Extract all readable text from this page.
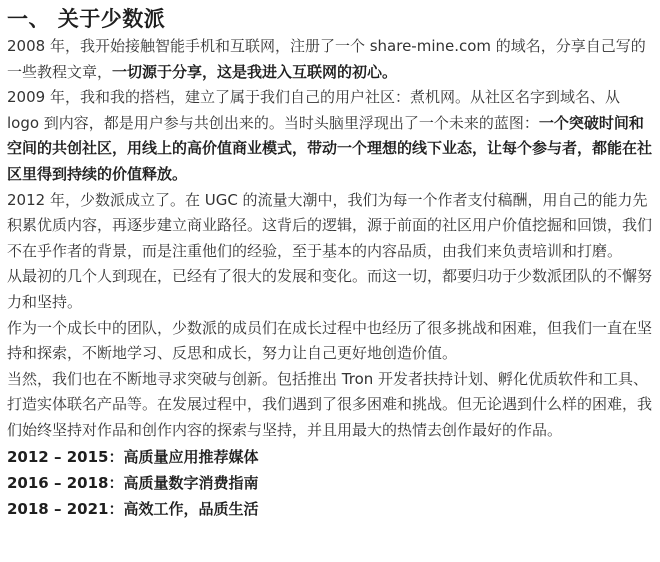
一、 关于少数派

2008 年，我开始接触智能手机和互联网，注册了一个 share-mine.com 的域名，分享自己写的一些教程文章，一切源于分享，这是我进入互联网的初心。

2009 年，我和我的搭档，建立了属于我们自己的用户社区：煮机网。从社区名字到域名、从 logo 到内容，都是用户参与共创出来的。当时头脑里浮现出了一个未来的蓝图：一个突破时间和空间的共创社区，用线上的高价值商业模式，带动一个理想的线下业态，让每个参与者，都能在社区里得到持续的价值释放。

2012 年，少数派成立了。在 UGC 的流量大潮中，我们为每一个作者支付稿酬，用自己的能力先积累优质内容，再逐步建立商业路径。这背后的逻辑，源于前面的社区用户价值挖掘和回馈，我们不在乎作者的背景，而是注重他们的经验，至于基本的内容品质，由我们来负责培训和打磨。

从最初的几个人到现在，已经有了很大的发展和变化。而这一切，都要归功于少数派团队的不懈努力和坚持。

作为一个成长中的团队，少数派的成员们在成长过程中也经历了很多挑战和困难，但我们一直在坚持和探索，不断地学习、反思和成长，努力让自己更好地创造价值。

当然，我们也在不断地寻求突破与创新。包括推出 Tron 开发者扶持计划、孵化优质软件和工具、打造实体联名产品等。在发展过程中，我们遇到了很多困难和挑战。但无论遇到什么样的困难，我们始终坚持对作品和创作内容的探索与坚持，并且用最大的热情去创作最好的作品。

2012 – 2015：高质量应用推荐媒体

2016 – 2018：高质量数字消费指南

2018 – 2021：高效工作，品质生活
